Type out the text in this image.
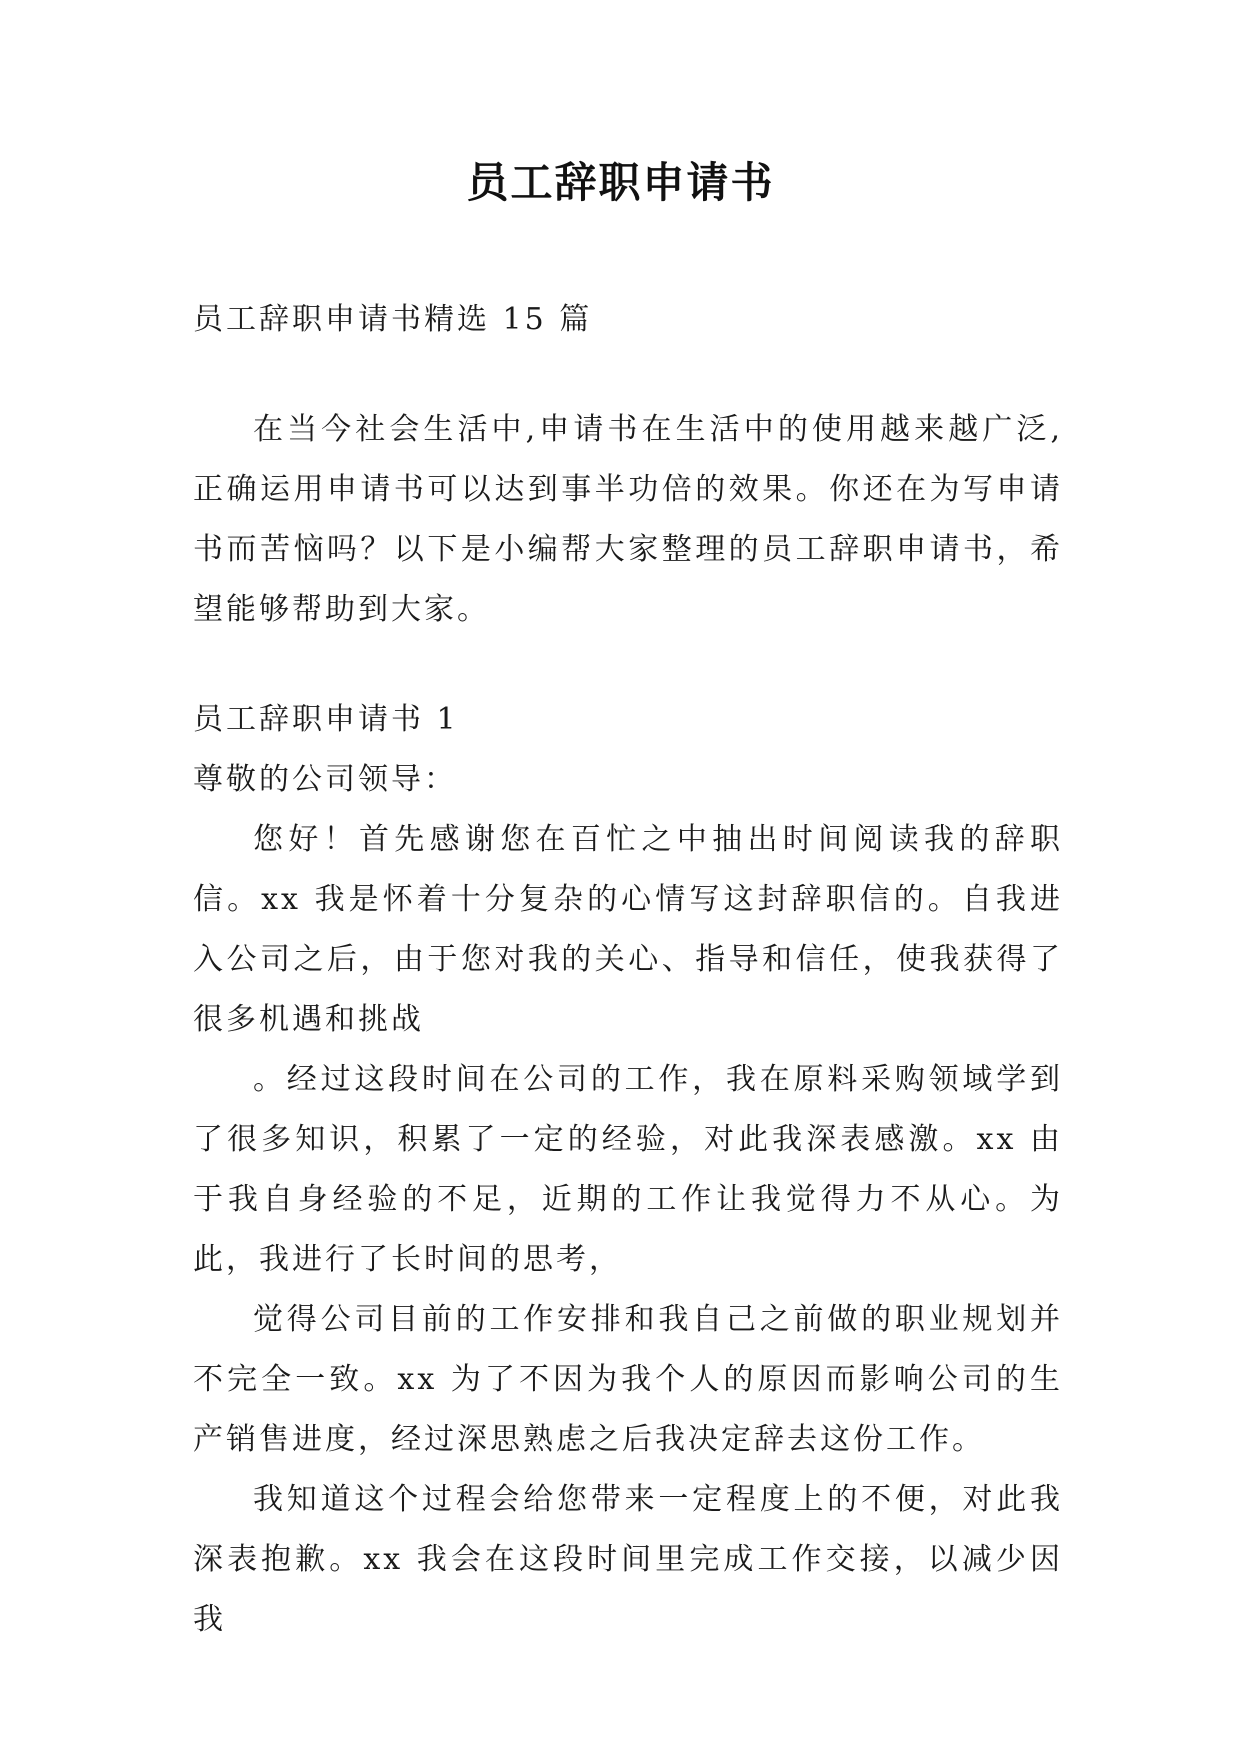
员工辞职申请书

员工辞职申请书精选 15 篇

在当今社会生活中,申请书在生活中的使用越来越广泛,正确运用申请书可以达到事半功倍的效果。你还在为写申请书而苦恼吗？以下是小编帮大家整理的员工辞职申请书，希望能够帮助到大家。

员工辞职申请书 1

尊敬的公司领导：

您好！首先感谢您在百忙之中抽出时间阅读我的辞职信。xx 我是怀着十分复杂的心情写这封辞职信的。自我进入公司之后，由于您对我的关心、指导和信任，使我获得了很多机遇和挑战

。经过这段时间在公司的工作，我在原料采购领域学到了很多知识，积累了一定的经验，对此我深表感激。xx 由于我自身经验的不足，近期的工作让我觉得力不从心。为此，我进行了长时间的思考，

觉得公司目前的工作安排和我自己之前做的职业规划并不完全一致。xx 为了不因为我个人的原因而影响公司的生产销售进度，经过深思熟虑之后我决定辞去这份工作。

我知道这个过程会给您带来一定程度上的不便，对此我深表抱歉。xx 我会在这段时间里完成工作交接，以减少因我
